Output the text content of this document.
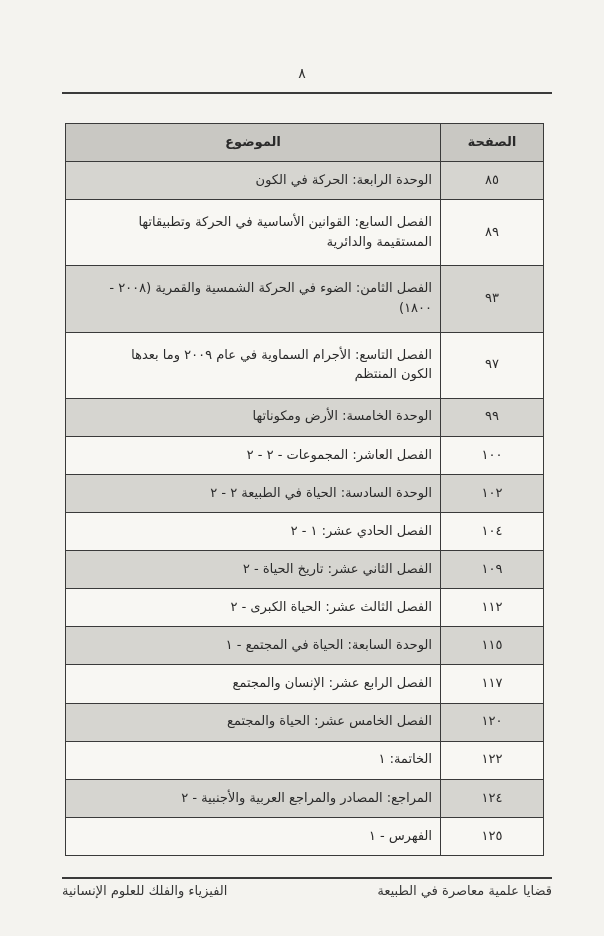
٨
الصفحة	الموضوع
٨٥	الوحدة الرابعة: الحركة في الكون

٨٩	الفصل السابع: القوانين الأساسية في الحركة وتطبيقاتها
المستقيمة والدائرية

٩٣	الفصل الثامن: الضوء في الحركة الشمسية والقمرية (٢٠٠٨ -
١٨٠٠)

٩٧	الفصل التاسع: الأجرام السماوية في عام ٢٠٠٩ وما بعدها
الكون المنتظم

٩٩	الوحدة الخامسة: الأرض ومكوناتها

١٠٠	الفصل العاشر: المجموعات - ٢ - ٢

١٠٢	الوحدة السادسة: الحياة في الطبيعة ٢ - ٢

١٠٤	الفصل الحادي عشر: ١ - ٢

١٠٩	الفصل الثاني عشر: تاريخ الحياة - ٢

١١٢	الفصل الثالث عشر: الحياة الكبرى - ٢

١١٥	الوحدة السابعة: الحياة في المجتمع - ١

١١٧	الفصل الرابع عشر: الإنسان والمجتمع

١٢٠	الفصل الخامس عشر: الحياة والمجتمع

١٢٢	الخاتمة: ١

١٢٤	المراجع: المصادر والمراجع العربية والأجنبية - ٢

١٢٥	الفهرس - ١
قضايا علمية معاصرة في الطبيعة
الفيزياء والفلك للعلوم الإنسانية
